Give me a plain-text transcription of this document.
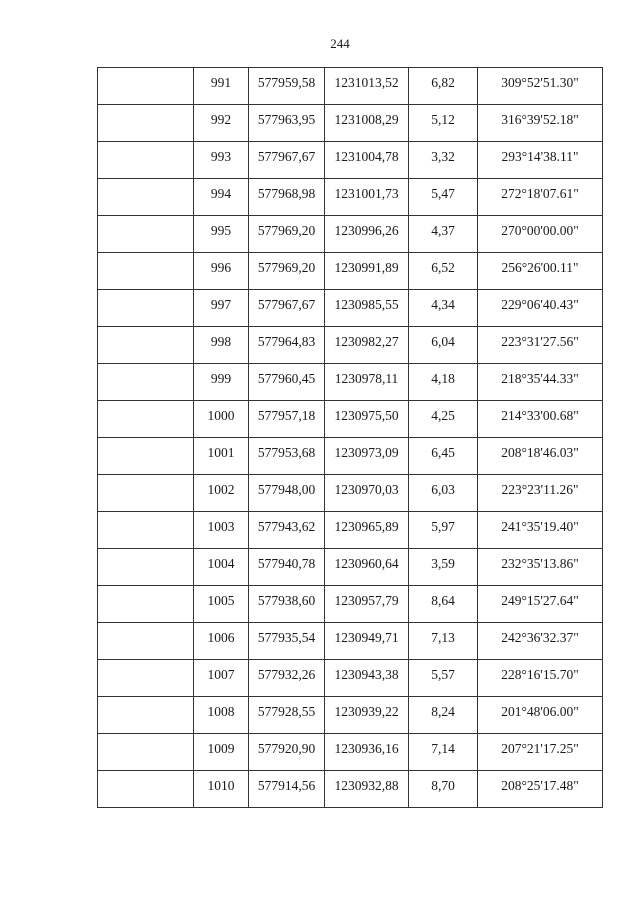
244
	991	577959,58	1231013,52	6,82	309°52'51.30"
	992	577963,95	1231008,29	5,12	316°39'52.18"
	993	577967,67	1231004,78	3,32	293°14'38.11"
	994	577968,98	1231001,73	5,47	272°18'07.61"
	995	577969,20	1230996,26	4,37	270°00'00.00"
	996	577969,20	1230991,89	6,52	256°26'00.11"
	997	577967,67	1230985,55	4,34	229°06'40.43"
	998	577964,83	1230982,27	6,04	223°31'27.56"
	999	577960,45	1230978,11	4,18	218°35'44.33"
	1000	577957,18	1230975,50	4,25	214°33'00.68"
	1001	577953,68	1230973,09	6,45	208°18'46.03"
	1002	577948,00	1230970,03	6,03	223°23'11.26"
	1003	577943,62	1230965,89	5,97	241°35'19.40"
	1004	577940,78	1230960,64	3,59	232°35'13.86"
	1005	577938,60	1230957,79	8,64	249°15'27.64"
	1006	577935,54	1230949,71	7,13	242°36'32.37"
	1007	577932,26	1230943,38	5,57	228°16'15.70"
	1008	577928,55	1230939,22	8,24	201°48'06.00"
	1009	577920,90	1230936,16	7,14	207°21'17.25"
	1010	577914,56	1230932,88	8,70	208°25'17.48"
